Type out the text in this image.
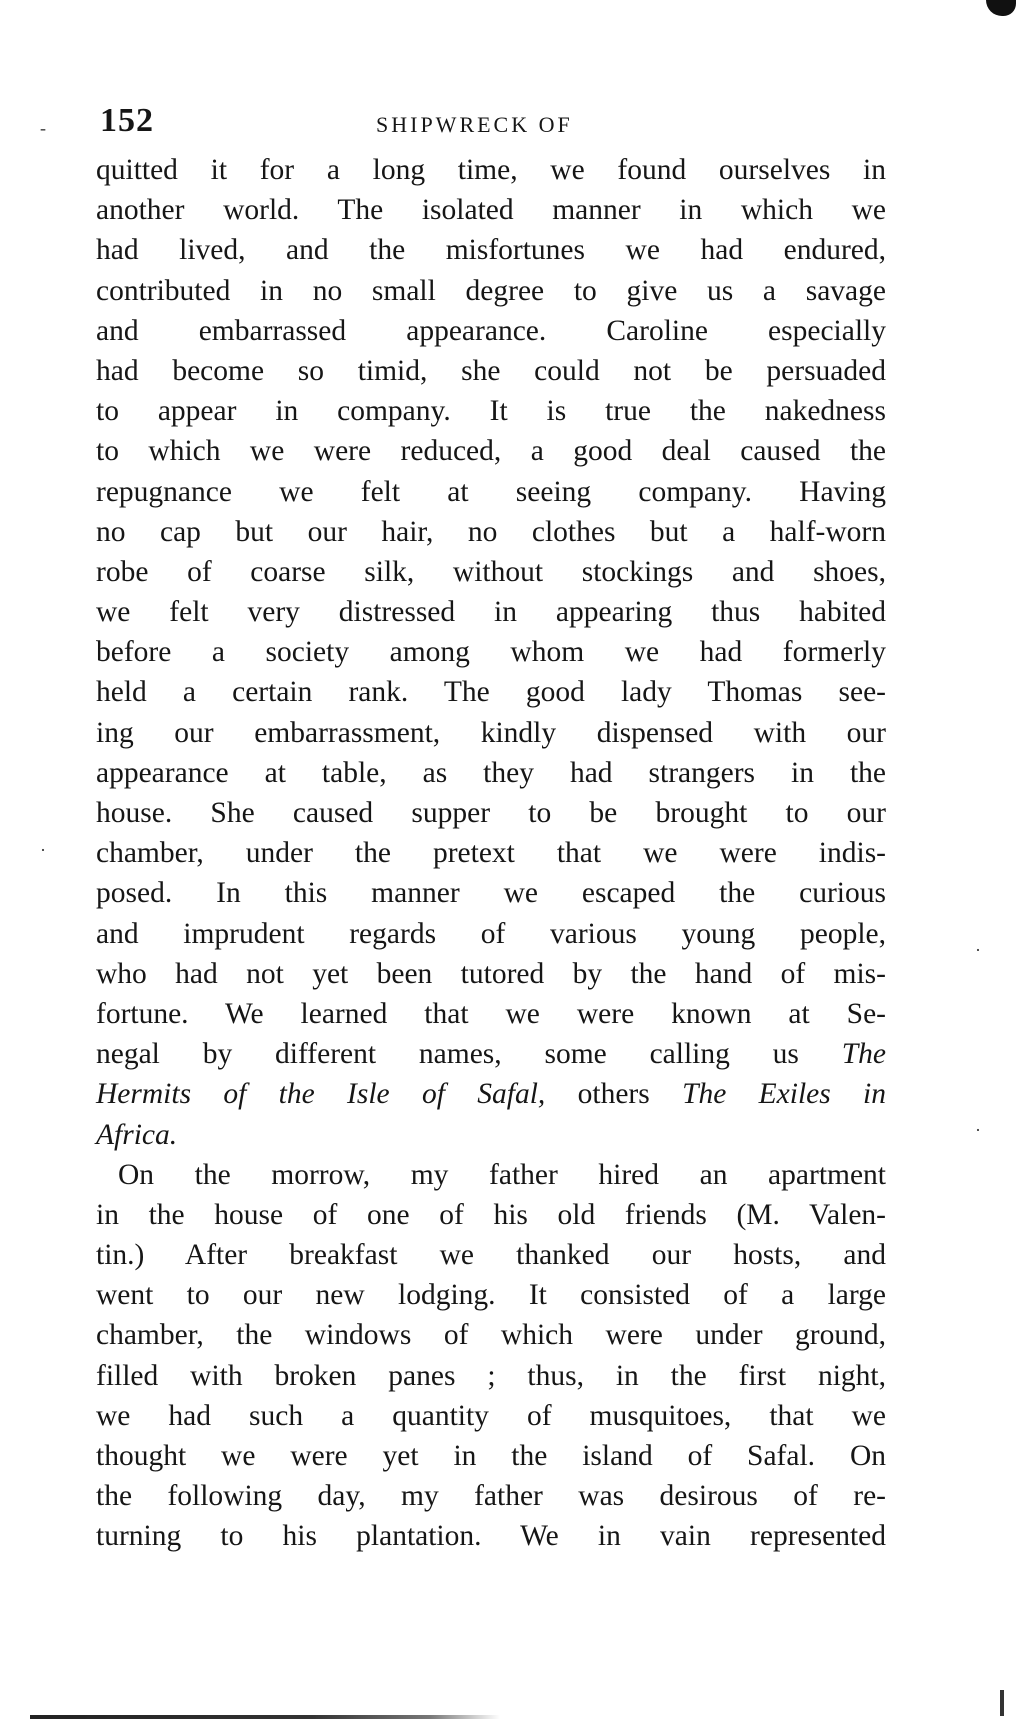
152	SHIPWRECK OF
quitted it for a long time, we found ourselves in
another world. The isolated manner in which we
had lived, and the misfortunes we had endured,
contributed in no small degree to give us a savage
and embarrassed appearance. Caroline especially
had become so timid, she could not be persuaded
to appear in company. It is true the nakedness
to which we were reduced, a good deal caused the
repugnance we felt at seeing company. Having
no cap but our hair, no clothes but a half-worn
robe of coarse silk, without stockings and shoes,
we felt very distressed in appearing thus habited
before a society among whom we had formerly
held a certain rank. The good lady Thomas see-
ing our embarrassment, kindly dispensed with our
appearance at table, as they had strangers in the
house. She caused supper to be brought to our
chamber, under the pretext that we were indis-
posed. In this manner we escaped the curious
and imprudent regards of various young people,
who had not yet been tutored by the hand of mis-
fortune. We learned that we were known at Se-
negal by different names, some calling us The
Hermits of the Isle of Safal, others The Exiles in
Africa.
On the morrow, my father hired an apartment
in the house of one of his old friends (M. Valen-
tin.) After breakfast we thanked our hosts, and
went to our new lodging. It consisted of a large
chamber, the windows of which were under ground,
filled with broken panes ; thus, in the first night,
we had such a quantity of musquitoes, that we
thought we were yet in the island of Safal. On
the following day, my father was desirous of re-
turning to his plantation. We in vain represented
-
·
·
·
